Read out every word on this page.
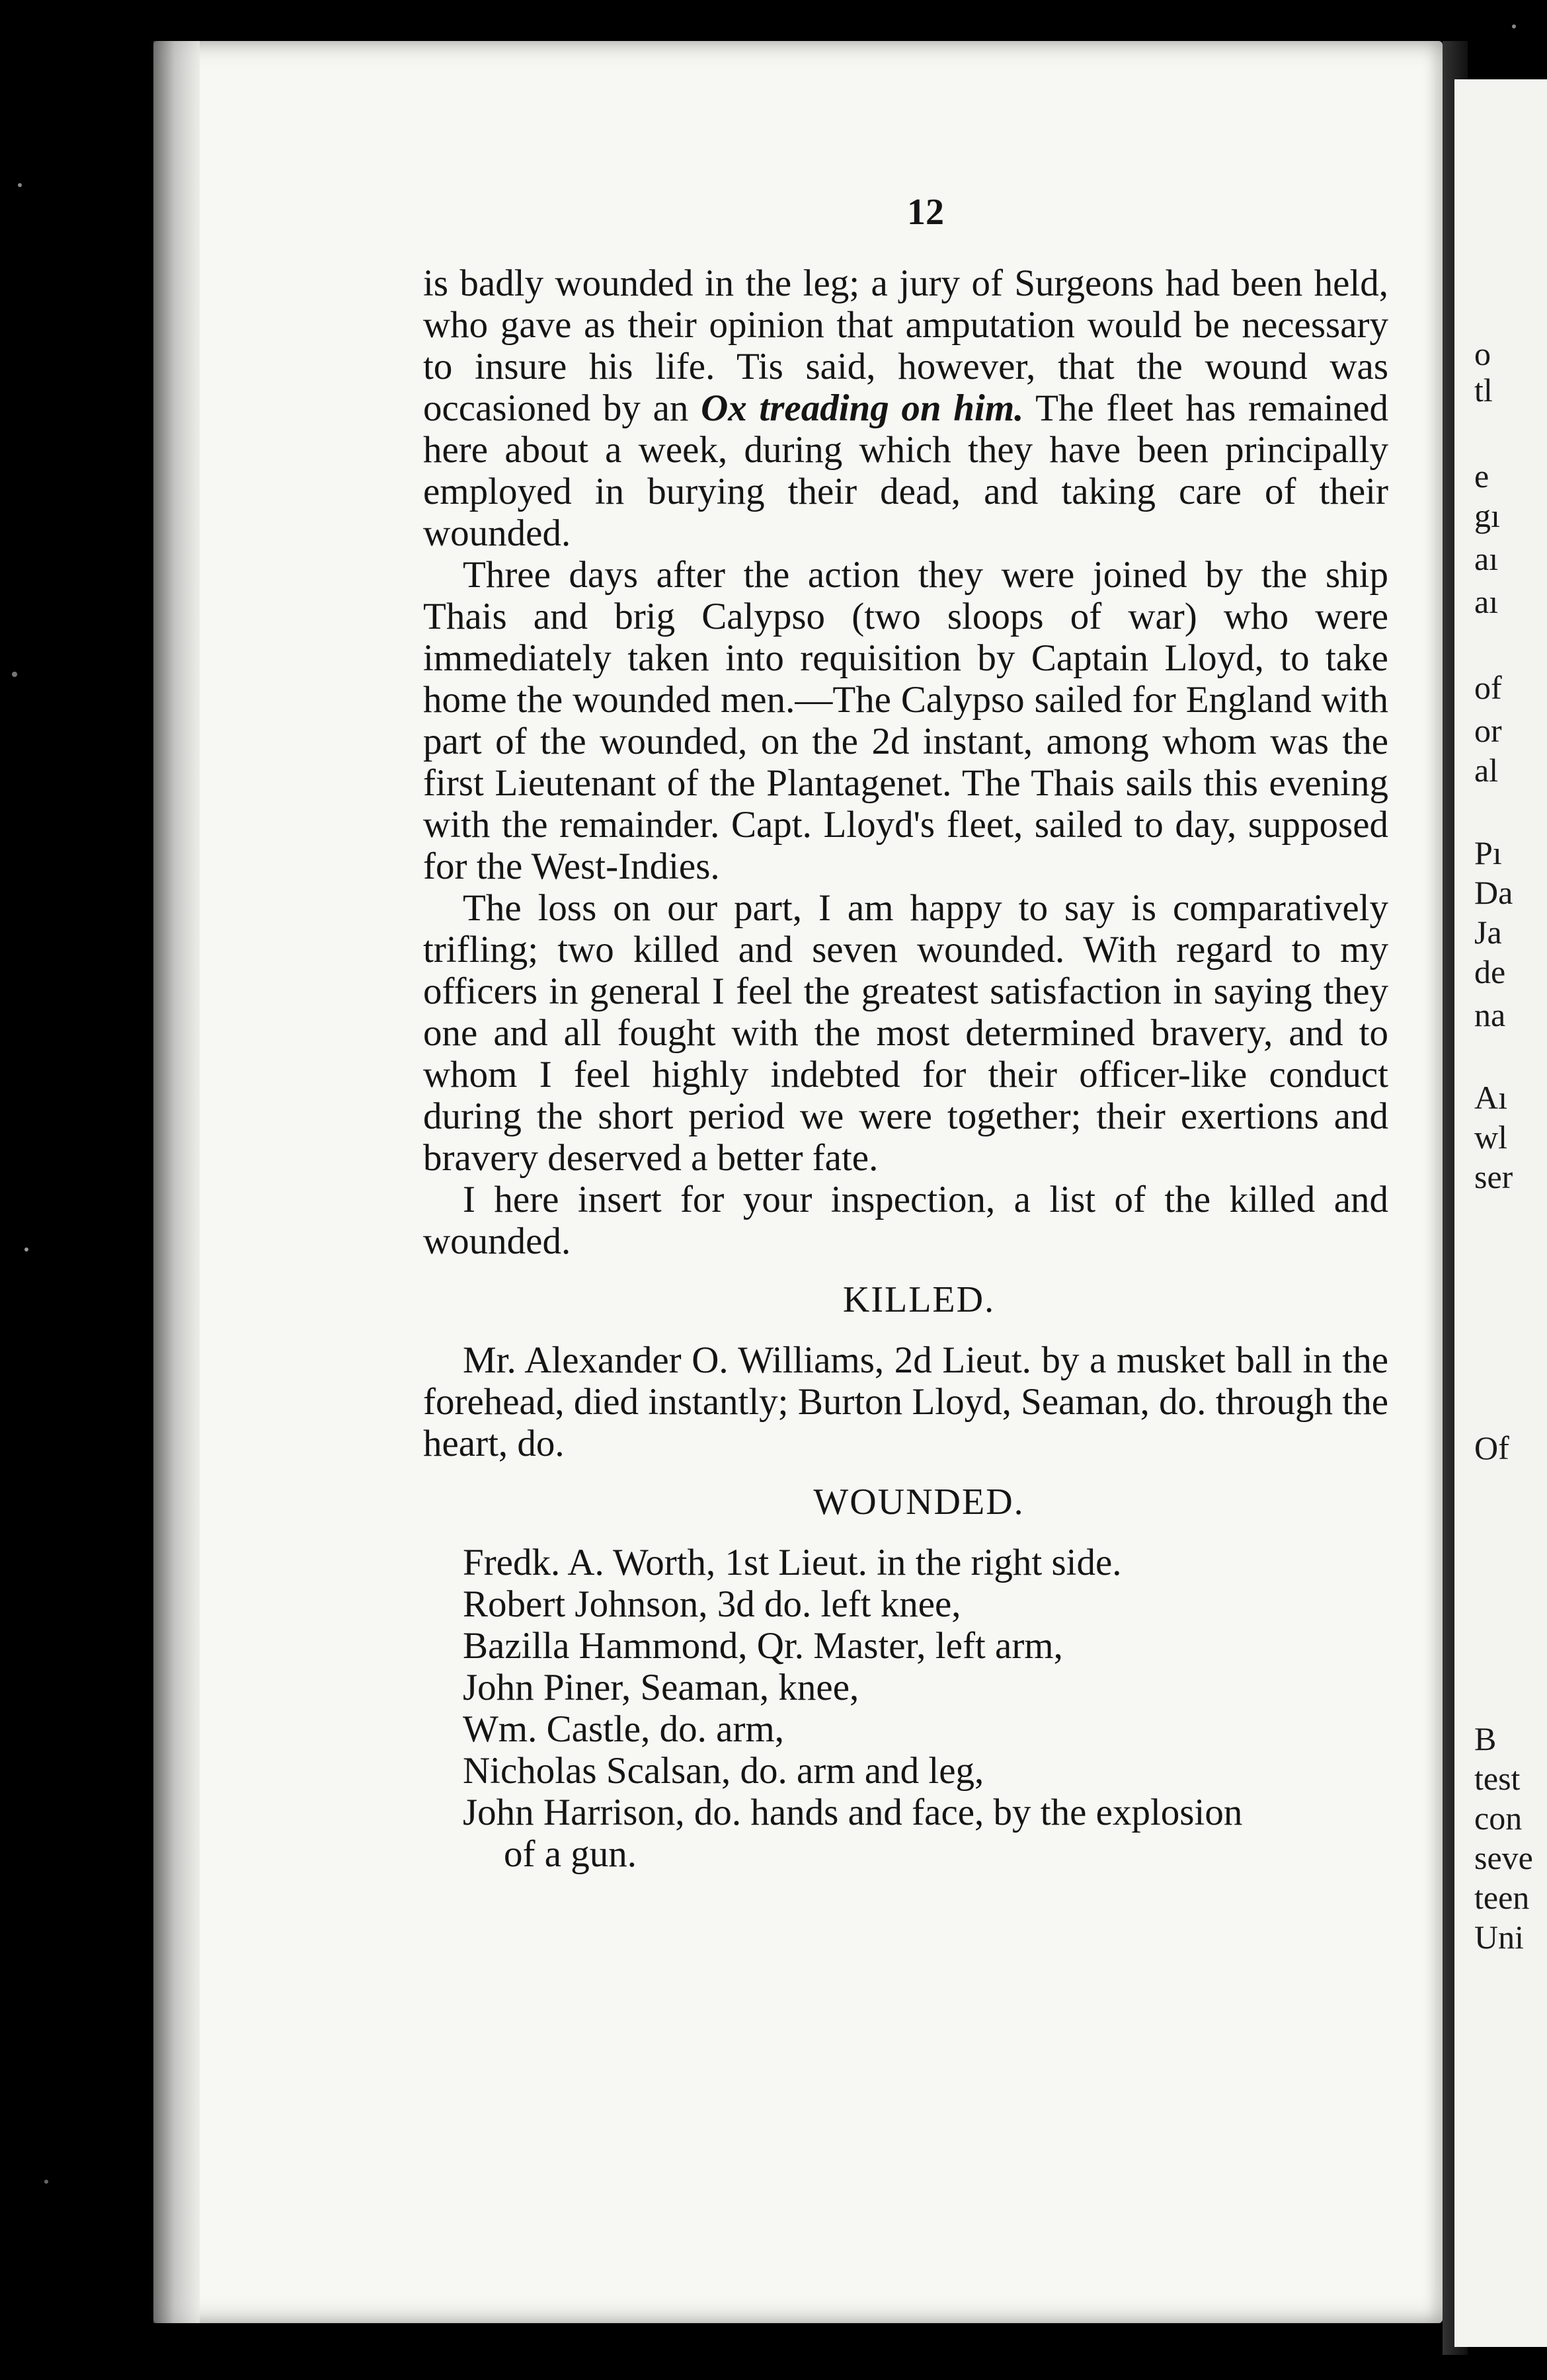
12

is badly wounded in the leg; a jury of Surgeons had been held, who gave as their opinion that amputation would be necessary to insure his life. Tis said, however, that the wound was occasioned by an Ox treading on him. The fleet has remained here about a week, during which they have been principally employed in burying their dead, and taking care of their wounded.

Three days after the action they were joined by the ship Thais and brig Calypso (two sloops of war) who were immediately taken into requisition by Captain Lloyd, to take home the wounded men.—The Calypso sailed for England with part of the wounded, on the 2d instant, among whom was the first Lieutenant of the Plantagenet. The Thais sails this evening with the remainder. Capt. Lloyd's fleet, sailed to day, supposed for the West-Indies.

The loss on our part, I am happy to say is comparatively trifling; two killed and seven wounded. With regard to my officers in general I feel the greatest satisfaction in saying they one and all fought with the most determined bravery, and to whom I feel highly indebted for their officer-like conduct during the short period we were together; their exertions and bravery deserved a better fate.

I here insert for your inspection, a list of the killed and wounded.

KILLED.

Mr. Alexander O. Williams, 2d Lieut. by a musket ball in the forehead, died instantly; Burton Lloyd, Seaman, do. through the heart, do.

WOUNDED.
Fredk. A. Worth, 1st Lieut. in the right side.
Robert Johnson, 3d do. left knee,
Bazilla Hammond, Qr. Master, left arm,
John Piner, Seaman, knee,
Wm. Castle, do. arm,
Nicholas Scalsan, do. arm and leg,
John Harrison, do. hands and face, by the explosion
of a gun.
o
tl
e
gı
aı
aı
of
or
al
Pı
Da
Ja
de
na
Aı
wl
ser
Of
B
test
con
seve
teen
Uni
